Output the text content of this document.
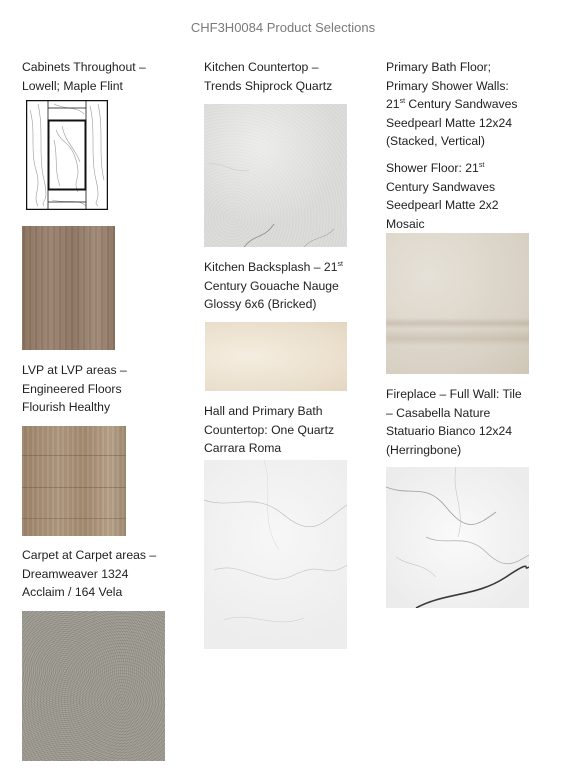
CHF3H0084 Product Selections
Cabinets Throughout –
Lowell; Maple Flint
LVP at LVP areas –
Engineered Floors
Flourish Healthy
Carpet at Carpet areas –
Dreamweaver 1324
Acclaim / 164 Vela
Kitchen Countertop –
Trends Shiprock Quartz
Kitchen Backsplash – 21st
Century Gouache Nauge
Glossy 6x6 (Bricked)
Hall and Primary Bath
Countertop: One Quartz
Carrara Roma
Primary Bath Floor;
Primary Shower Walls:
21st Century Sandwaves
Seedpearl Matte 12x24
(Stacked, Vertical)
Shower Floor: 21st
Century Sandwaves
Seedpearl Matte 2x2
Mosaic
Fireplace – Full Wall: Tile
– Casabella Nature
Statuario Bianco 12x24
(Herringbone)
